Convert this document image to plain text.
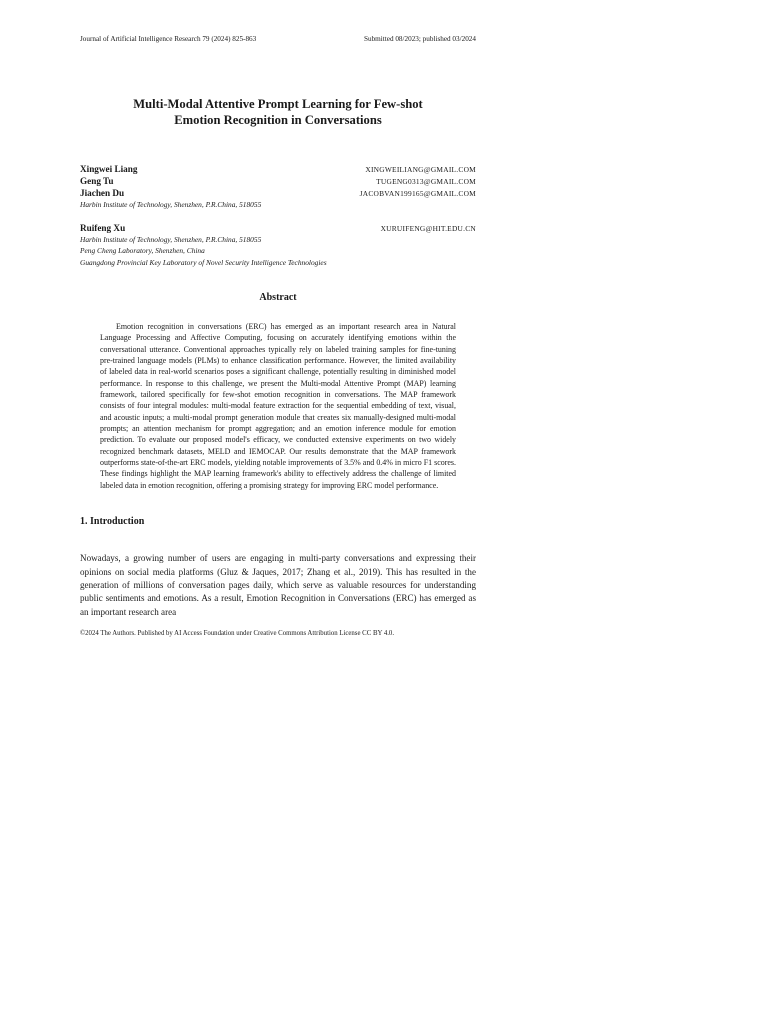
Journal of Artificial Intelligence Research 79 (2024) 825-863	Submitted 08/2023; published 03/2024
Multi-Modal Attentive Prompt Learning for Few-shot
Emotion Recognition in Conversations
Xingwei Liang	XINGWEILIANG@GMAIL.COM
Geng Tu	TUGENG0313@GMAIL.COM
Jiachen Du	JACOBVAN199165@GMAIL.COM
Harbin Institute of Technology, Shenzhen, P.R.China, 518055
Ruifeng Xu	XURUIFENG@HIT.EDU.CN
Harbin Institute of Technology, Shenzhen, P.R.China, 518055
Peng Cheng Laboratory, Shenzhen, China
Guangdong Provincial Key Laboratory of Novel Security Intelligence Technologies
Abstract
Emotion recognition in conversations (ERC) has emerged as an important research area in Natural Language Processing and Affective Computing, focusing on accurately identifying emotions within the conversational utterance. Conventional approaches typically rely on labeled training samples for fine-tuning pre-trained language models (PLMs) to enhance classification performance. However, the limited availability of labeled data in real-world scenarios poses a significant challenge, potentially resulting in diminished model performance. In response to this challenge, we present the Multi-modal Attentive Prompt (MAP) learning framework, tailored specifically for few-shot emotion recognition in conversations. The MAP framework consists of four integral modules: multi-modal feature extraction for the sequential embedding of text, visual, and acoustic inputs; a multi-modal prompt generation module that creates six manually-designed multi-modal prompts; an attention mechanism for prompt aggregation; and an emotion inference module for emotion prediction. To evaluate our proposed model's efficacy, we conducted extensive experiments on two widely recognized benchmark datasets, MELD and IEMOCAP. Our results demonstrate that the MAP framework outperforms state-of-the-art ERC models, yielding notable improvements of 3.5% and 0.4% in micro F1 scores. These findings highlight the MAP learning framework's ability to effectively address the challenge of limited labeled data in emotion recognition, offering a promising strategy for improving ERC model performance.
1. Introduction
Nowadays, a growing number of users are engaging in multi-party conversations and expressing their opinions on social media platforms (Gluz & Jaques, 2017; Zhang et al., 2019). This has resulted in the generation of millions of conversation pages daily, which serve as valuable resources for understanding public sentiments and emotions. As a result, Emotion Recognition in Conversations (ERC) has emerged as an important research area
©2024 The Authors. Published by AI Access Foundation under Creative Commons Attribution License CC BY 4.0.
